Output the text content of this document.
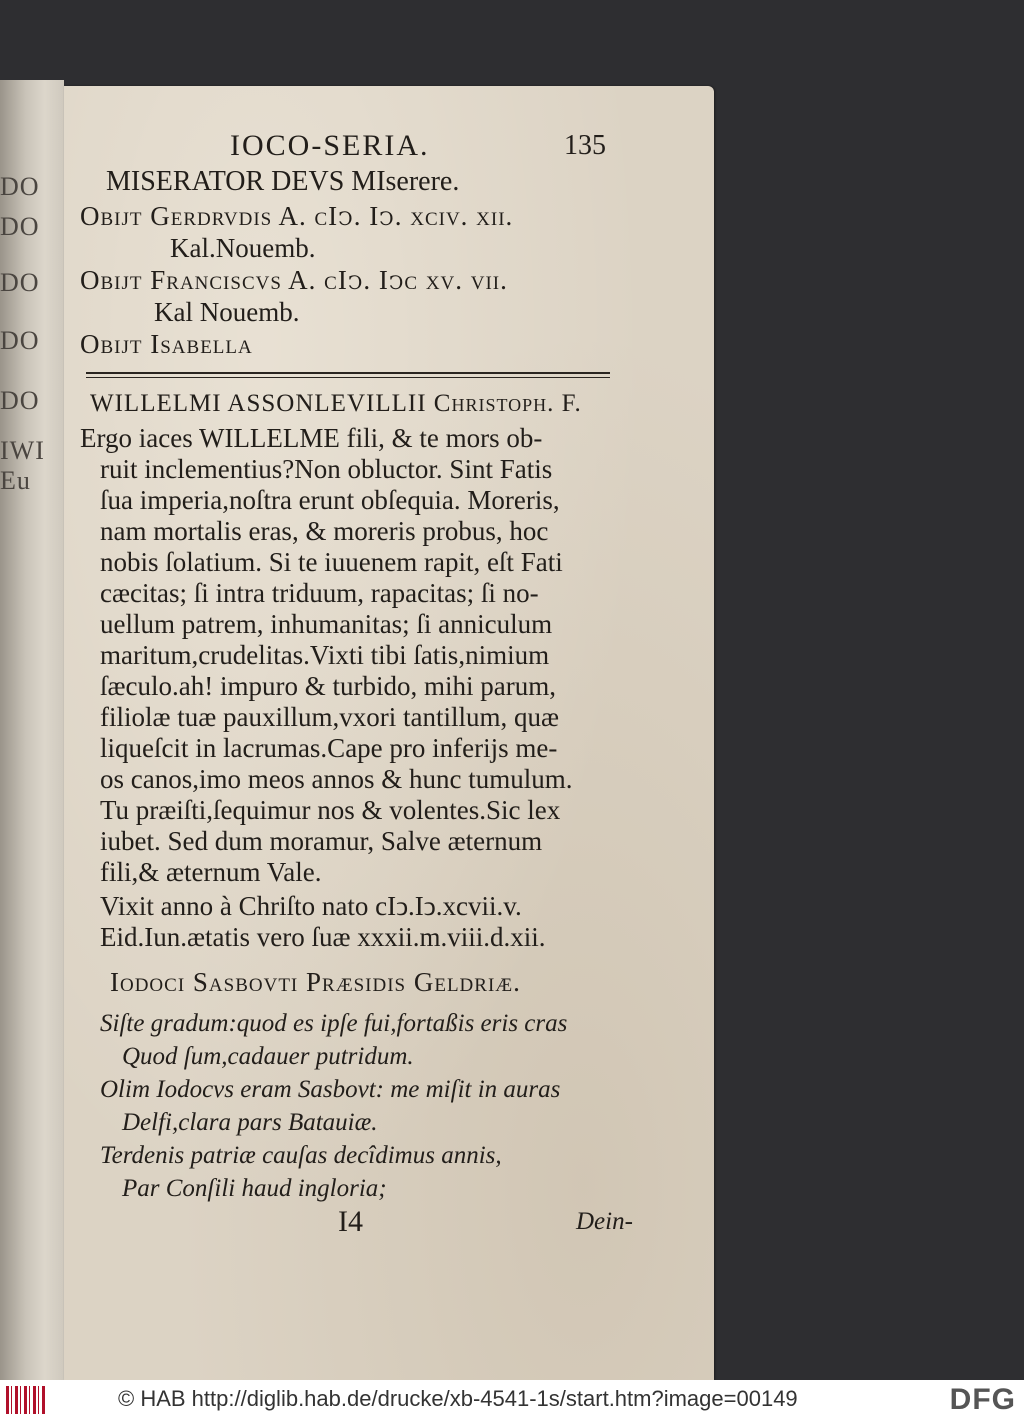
DO
DO
DO
DO
DO
IWI
Eu
IOCO-SERIA.	135
MISERATOR DEVS MIserere.
Obijt Gerdrvdis A. cIↄ. Iↄ. xciv. xii.
Kal.Nouemb.
Obijt Franciscvs A. cIↄ. Iↄc xv. vii.
Kal Nouemb.
Obijt Isabella
WILLELMI ASSONLEVILLII Christoph. F.
Ergo iaces WILLELME fili, & te mors ob-
ruit inclementius?Non obluctor. Sint Fatis
ſua imperia,noſtra erunt obſequia. Moreris,
nam mortalis eras, & moreris probus, hoc
nobis ſolatium. Si te iuuenem rapit, eſt Fati
cæcitas; ſi intra triduum, rapacitas; ſi no-
uellum patrem, inhumanitas; ſi anniculum
maritum,crudelitas.Vixti tibi ſatis,nimium
ſæculo.ah! impuro & turbido, mihi parum,
filiolæ tuæ pauxillum,vxori tantillum, quæ
liqueſcit in lacrumas.Cape pro inferijs me-
os canos,imo meos annos & hunc tumulum.
Tu præiſti,ſequimur nos & volentes.Sic lex
iubet. Sed dum moramur, Salve æternum
fili,& æternum Vale.
Vixit anno à Chriſto nato cIↄ.Iↄ.xcvii.v.
Eid.Iun.ætatis vero ſuæ xxxii.m.viii.d.xii.
Iodoci Sasbovti Præſidis Geldriæ.
Siſte gradum:quod es ipſe fui,fortaßis eris cras
Quod ſum,cadauer putridum.
Olim Iodocvs eram Sasbovt: me miſit in auras
Delfi,clara pars Batauiæ.
Terdenis patriæ cauſas decîdimus annis,
Par Conſili haud ingloria;
I4	Dein-
© HAB http://diglib.hab.de/drucke/xb-4541-1s/start.htm?image=00149	DFG
